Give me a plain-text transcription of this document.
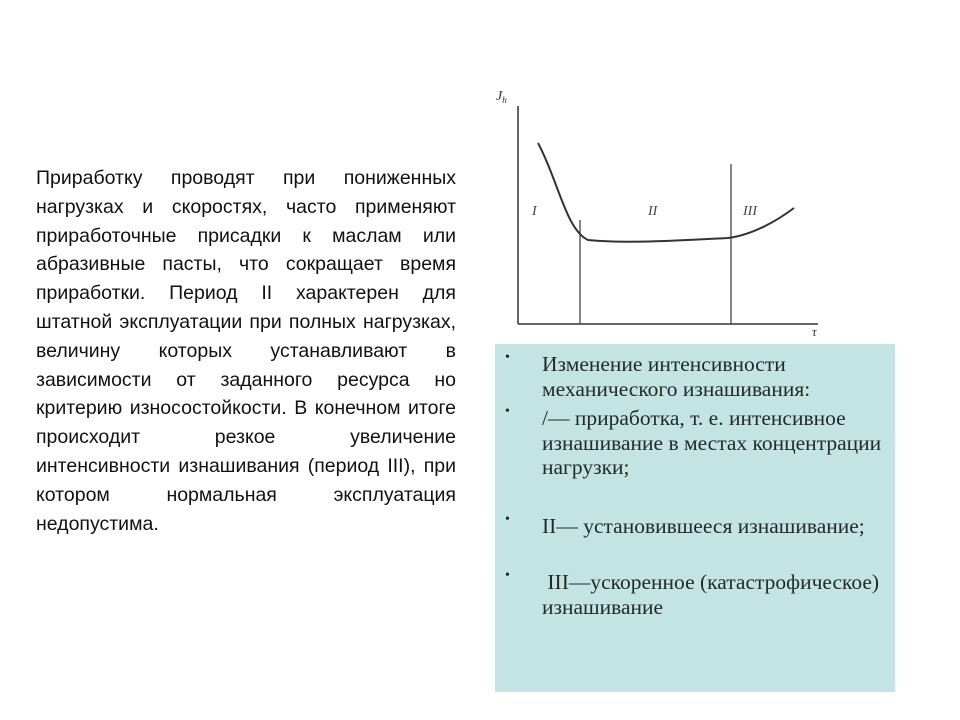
Приработку проводят при пониженных нагрузках и скоростях, часто применяют приработочные присадки к маслам или абразивные пасты, что сокращает время приработки. Период II характерен для штатной эксплуатации при полных нагрузках, величину которых устанавливают в зависимости от заданного ресурса но критерию износостойкости. В конечном итоге происходит резкое увеличение интенсивности изнашивания (период III), при котором нормальная эксплуатация недопустима.
$J_h$
τ
I	II	III
• Изменение интенсивности механического изнашивания:
• /— приработка, т. е. интенсивное изнашивание в местах концентрации нагрузки;
• II— установившееся изнашивание;
• III—ускоренное (катастрофическое) изнашивание
